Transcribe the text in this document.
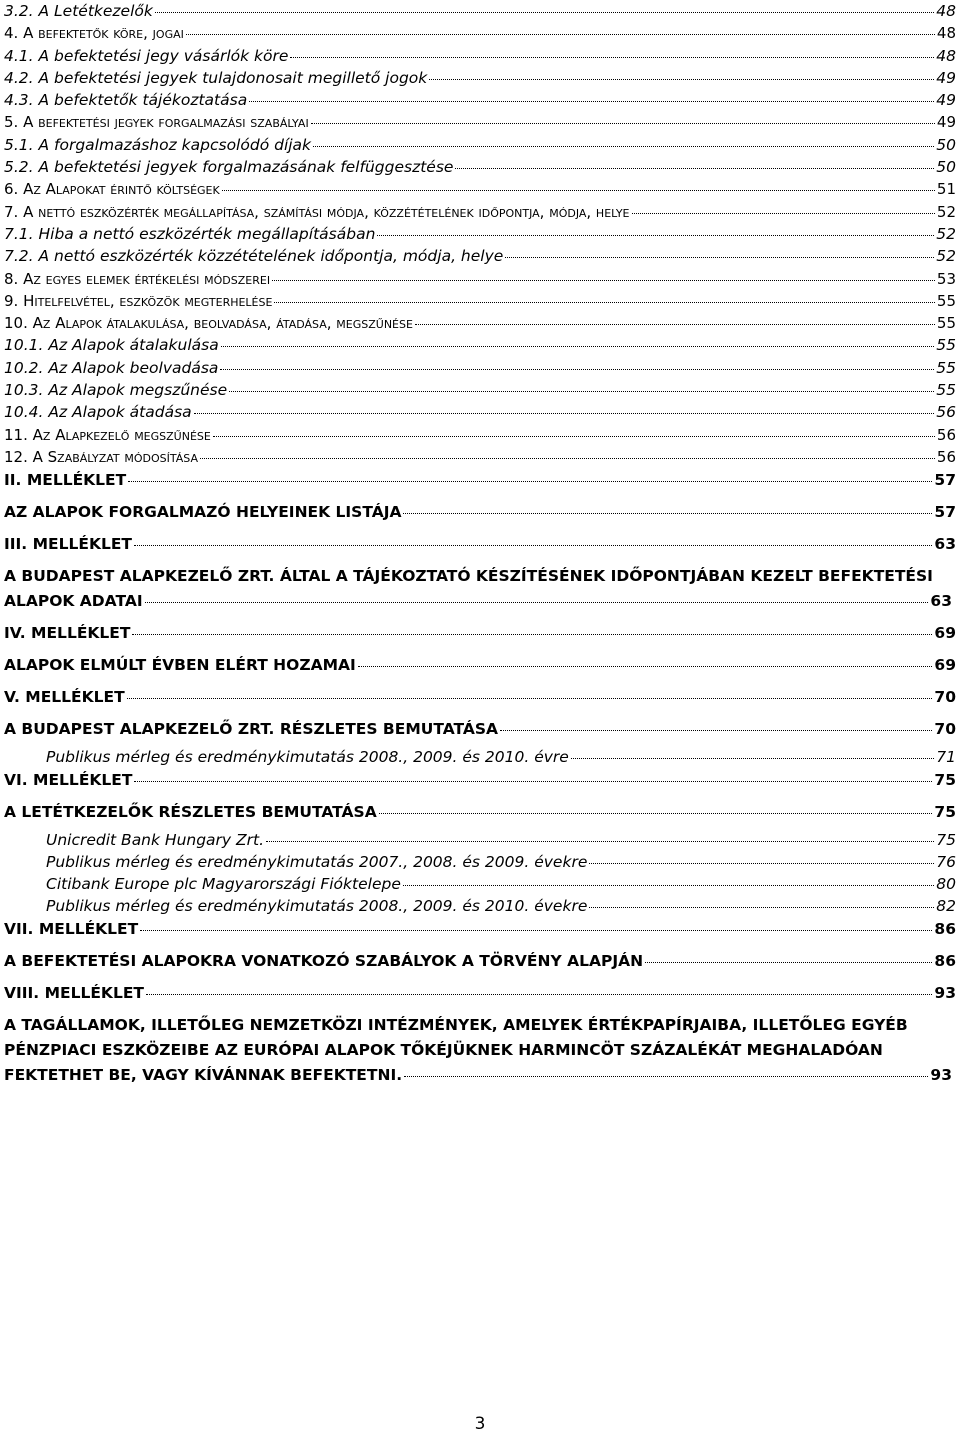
3.2. A Letétkezelők	48
4. A befektetők köre, jogai	48
4.1. A befektetési jegy vásárlók köre	48
4.2. A befektetési jegyek tulajdonosait megillető jogok	49
4.3. A befektetők tájékoztatása	49
5. A befektetési jegyek forgalmazási szabályai	49
5.1. A forgalmazáshoz kapcsolódó díjak	50
5.2. A befektetési jegyek forgalmazásának felfüggesztése	50
6. Az Alapokat érintő költségek	51
7. A nettó eszközérték megállapítása, számítási módja, közzétételének időpontja, módja, helye	52
7.1. Hiba a nettó eszközérték megállapításában	52
7.2. A nettó eszközérték közzétételének időpontja, módja, helye	52
8. Az egyes elemek értékelési módszerei	53
9. Hitelfelvétel, eszközök megterhelése	55
10. Az Alapok átalakulása, beolvadása, átadása, megszűnése	55
10.1. Az Alapok átalakulása	55
10.2. Az Alapok beolvadása	55
10.3. Az Alapok megszűnése	55
10.4. Az Alapok átadása	56
11. Az Alapkezelő megszűnése	56
12. A Szabályzat módosítása	56
II. MELLÉKLET	57
AZ ALAPOK FORGALMAZÓ HELYEINEK LISTÁJA	57
III. MELLÉKLET	63
A BUDAPEST ALAPKEZELŐ ZRT. ÁLTAL A TÁJÉKOZTATÓ KÉSZÍTÉSÉNEK IDŐPONTJÁBAN KEZELT BEFEKTETÉSI ALAPOK ADATAI	63
IV. MELLÉKLET	69
ALAPOK ELMÚLT ÉVBEN ELÉRT HOZAMAI	69
V. MELLÉKLET	70
A BUDAPEST ALAPKEZELŐ ZRT. RÉSZLETES BEMUTATÁSA	70
Publikus mérleg és eredménykimutatás 2008., 2009. és 2010. évre	71
VI. MELLÉKLET	75
A LETÉTKEZELŐK RÉSZLETES BEMUTATÁSA	75
Unicredit Bank Hungary Zrt.	75
Publikus mérleg és eredménykimutatás 2007., 2008. és 2009. évekre	76
Citibank Europe plc Magyarországi Fióktelepe	80
Publikus mérleg és eredménykimutatás 2008., 2009. és 2010. évekre	82
VII. MELLÉKLET	86
A BEFEKTETÉSI ALAPOKRA VONATKOZÓ SZABÁLYOK A TÖRVÉNY ALAPJÁN	86
VIII. MELLÉKLET	93
A TAGÁLLAMOK, ILLETŐLEG NEMZETKÖZI INTÉZMÉNYEK, AMELYEK ÉRTÉKPAPÍRJAIBA, ILLETŐLEG EGYÉB PÉNZPIACI ESZKÖZEIBE AZ EURÓPAI ALAPOK TŐKÉJÜKNEK HARMINCÖT SZÁZALÉKÁT MEGHALADÓAN FEKTETHET BE, VAGY KÍVÁNNAK BEFEKTETNI.	93
3
